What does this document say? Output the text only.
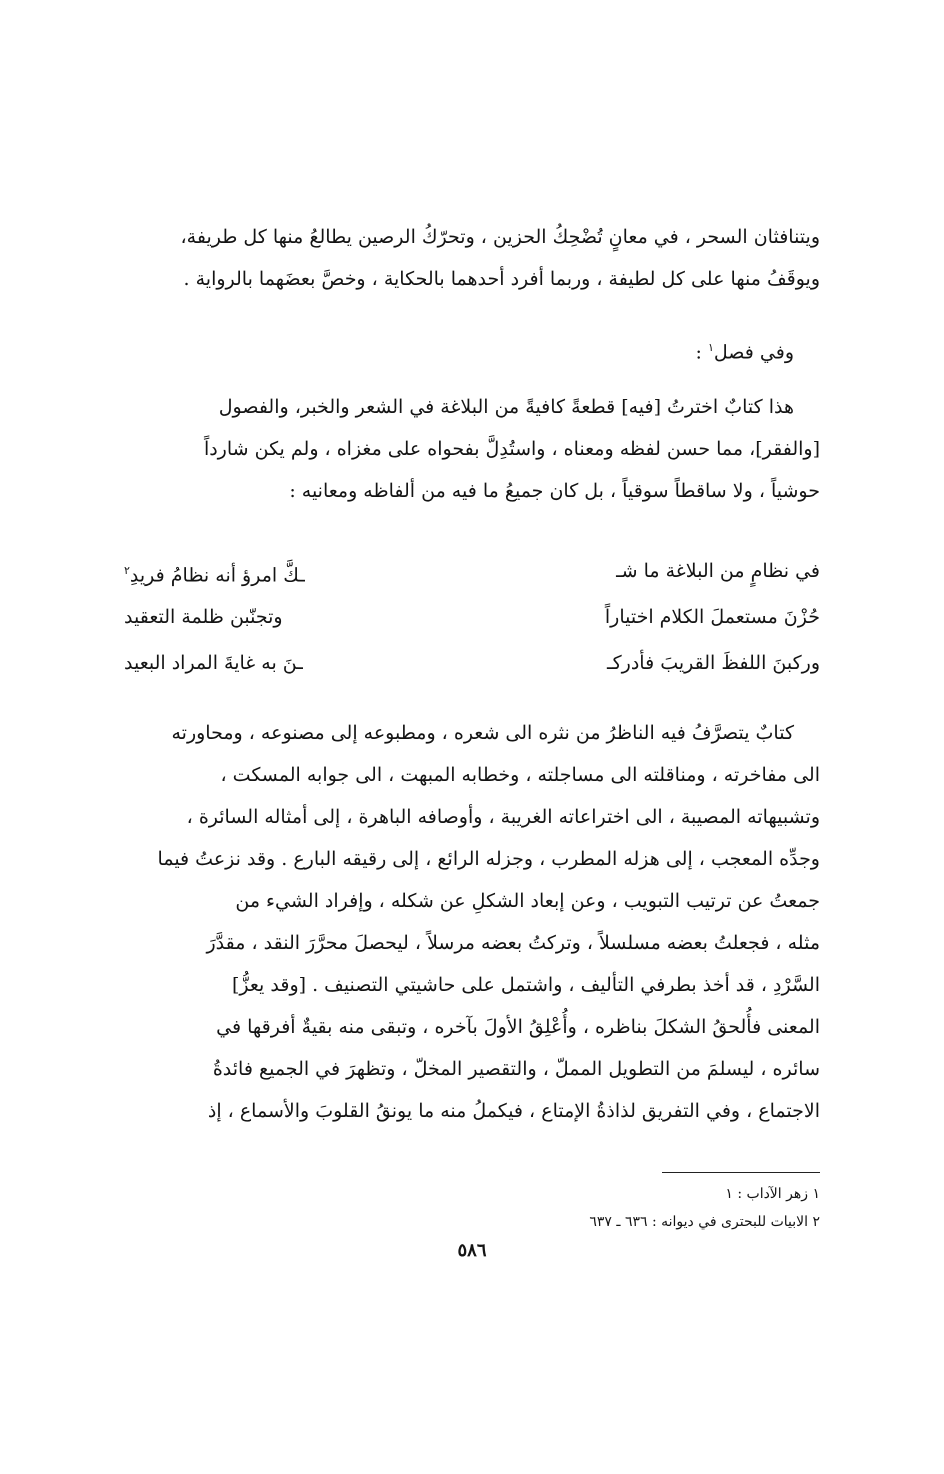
ويتنافثان السحر ، في معانٍ تُضْحِكُ الحزين ، وتحرّكُ الرصين يطالعُ منها كل طريفة،
ويوقَفُ منها على كل لطيفة ، وربما أفرد أحدهما بالحكاية ، وخصَّ بعضَهما بالرواية .
وفي فصل$^١$ :
هذا كتابٌ اخترتُ [فيه] قطعةً كافيةً من البلاغة في الشعر والخبر، والفصول
[والفقر]، مما حسن لفظه ومعناه ، واستُدِلَّ بفحواه على مغزاه ، ولم يكن شارداً
حوشياً ، ولا ساقطاً سوقياً ، بل كان جميعُ ما فيه من ألفاظه ومعانيه :
في نظامٍ من البلاغة ما شـ
ـكَّ امرؤ أنه نظامُ فريدِ$^٢$
حُزْنَ مستعملَ الكلام اختياراً
وتجنّبن ظلمة التعقيد
وركبنَ اللفظَ القريبَ فأدركـ
ـنَ به غايةَ المراد البعيد
كتابٌ يتصرَّفُ فيه الناظرُ من نثره الى شعره ، ومطبوعه إلى مصنوعه ، ومحاورته
الى مفاخرته ، ومناقلته الى مساجلته ، وخطابه المبهت ، الى جوابه المسكت ،
وتشبيهاته المصيبة ، الى اختراعاته الغريبة ، وأوصافه الباهرة ، إلى أمثاله السائرة ،
وجدِّه المعجب ، إلى هزله المطرب ، وجزله الرائع ، إلى رقيقه البارع . وقد نزعتُ فيما
جمعتُ عن ترتيب التبويب ، وعن إبعاد الشكلِ عن شكله ، وإفراد الشيء من
مثله ، فجعلتُ بعضه مسلسلاً ، وتركتُ بعضه مرسلاً ، ليحصلَ محرَّرَ النقد ، مقدَّرَ
السَّرْدِ ، قد أخذ بطرفي التأليف ، واشتمل على حاشيتي التصنيف . [وقد يعزُّ]
المعنى فأُلحقُ الشكلَ بناظره ، وأُعْلِقُ الأولَ بآخره ، وتبقى منه بقيةٌ أفرقها في
سائره ، ليسلمَ من التطويل المملّ ، والتقصير المخلّ ، وتظهرَ في الجميع فائدةُ
الاجتماع ، وفي التفريق لذاذةُ الإمتاع ، فيكملُ منه ما يونقُ القلوبَ والأسماع ، إذ
١ زهر الآداب : ١
٢ الابيات للبحترى في ديوانه : ٦٣٦ ـ ٦٣٧
٥٨٦
